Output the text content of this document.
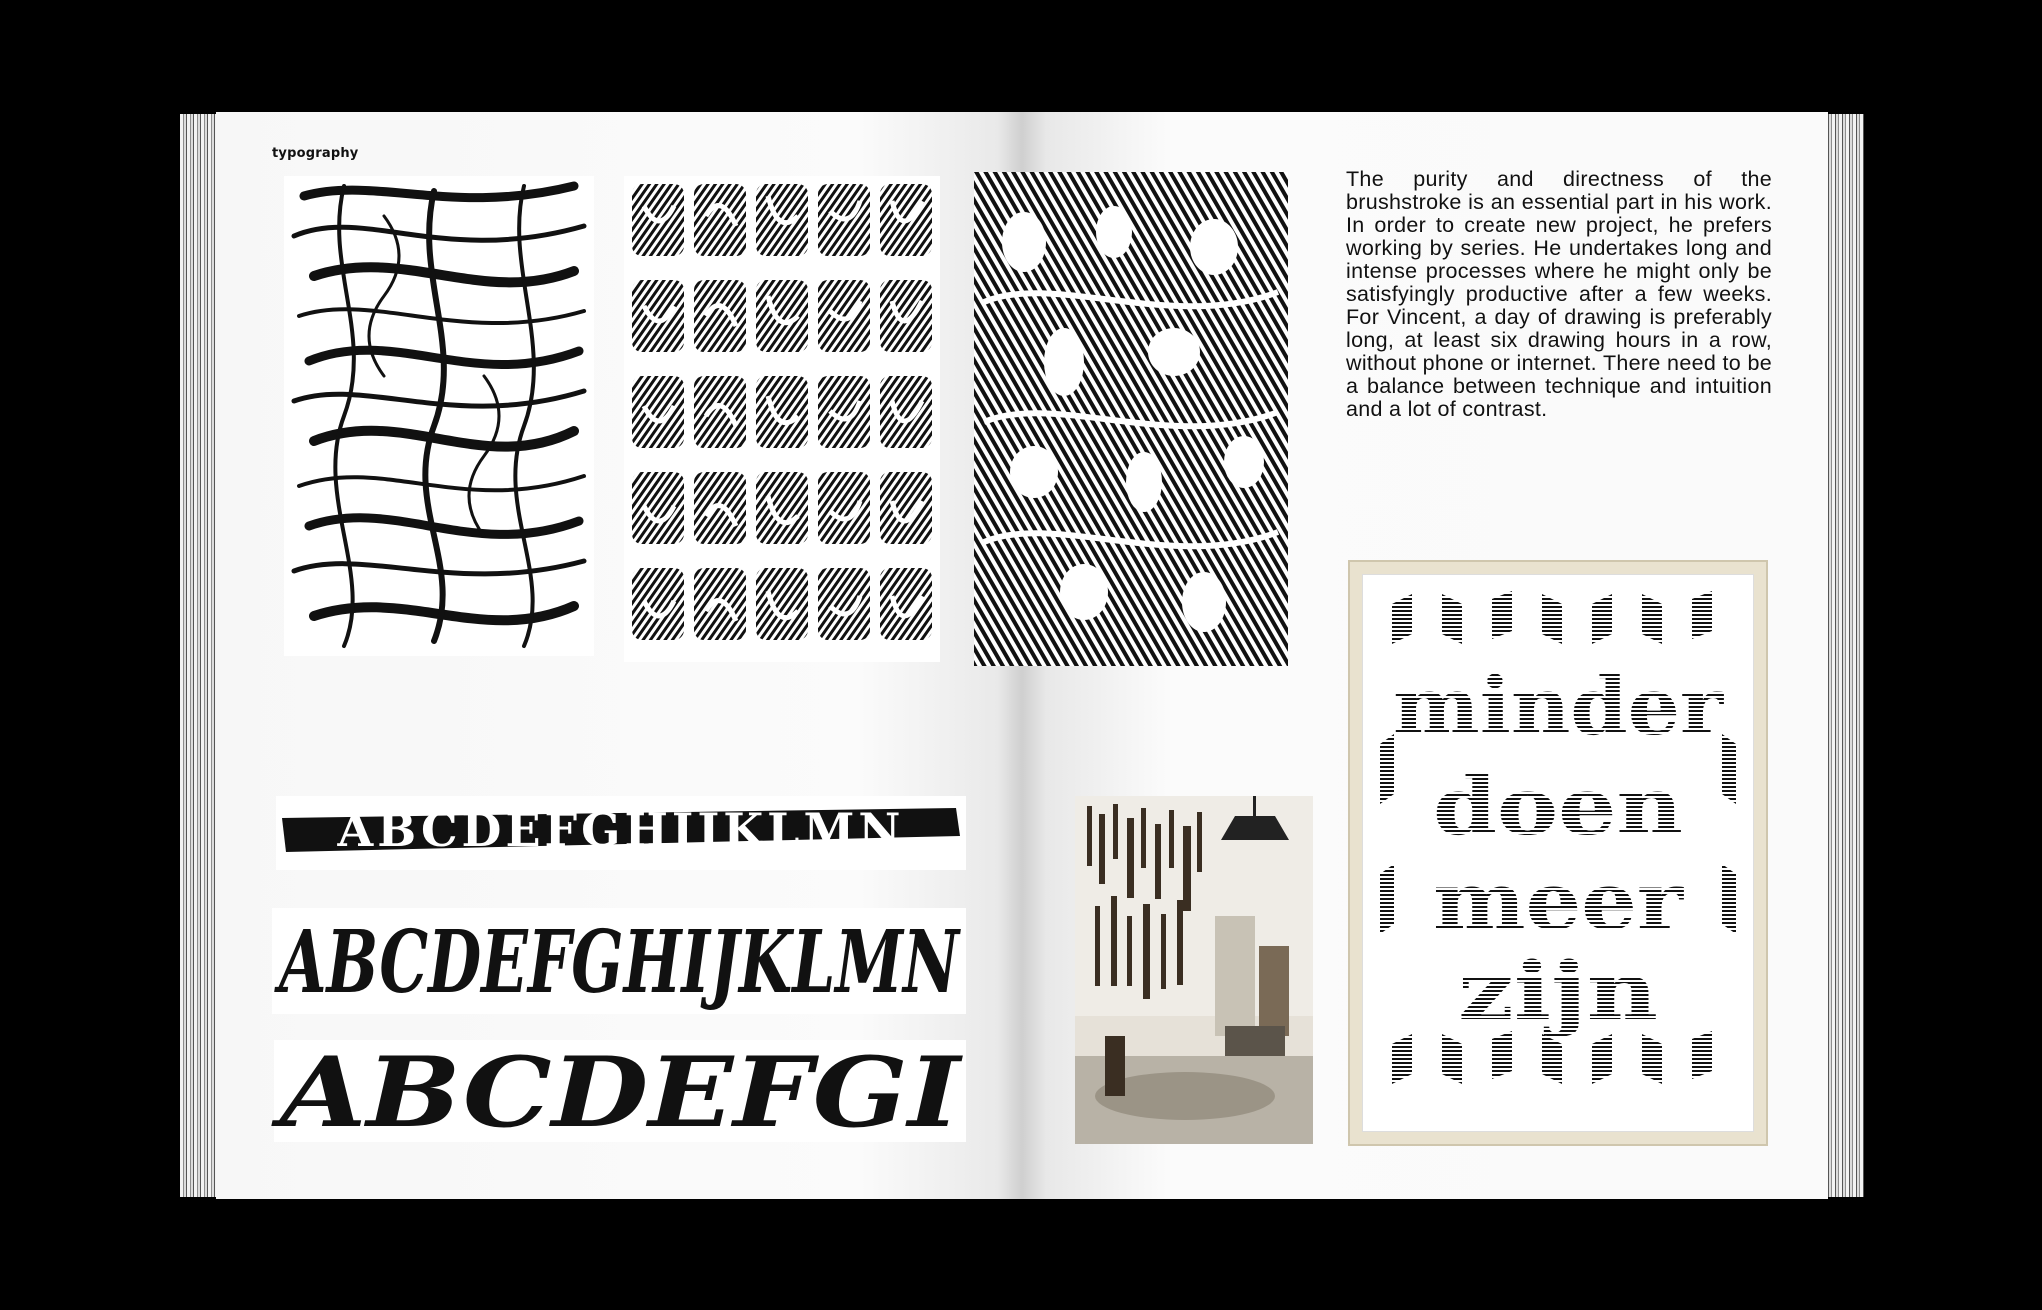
typography
ABCDEFGHIJKLMN
ABCDEFGHIJKLMN
ABCDEFGI

The purity and directness of the brushstroke is an essential part in his work. In order to create new project, he prefers working by series. He undertakes long and intense processes where he might only be satisfyingly productive after a few weeks. For Vincent, a day of drawing is preferably long, at least six drawing hours in a row, without phone or internet. There need to be a balance between technique and intuition and a lot of contrast.

minder
doen
meer
zijn
